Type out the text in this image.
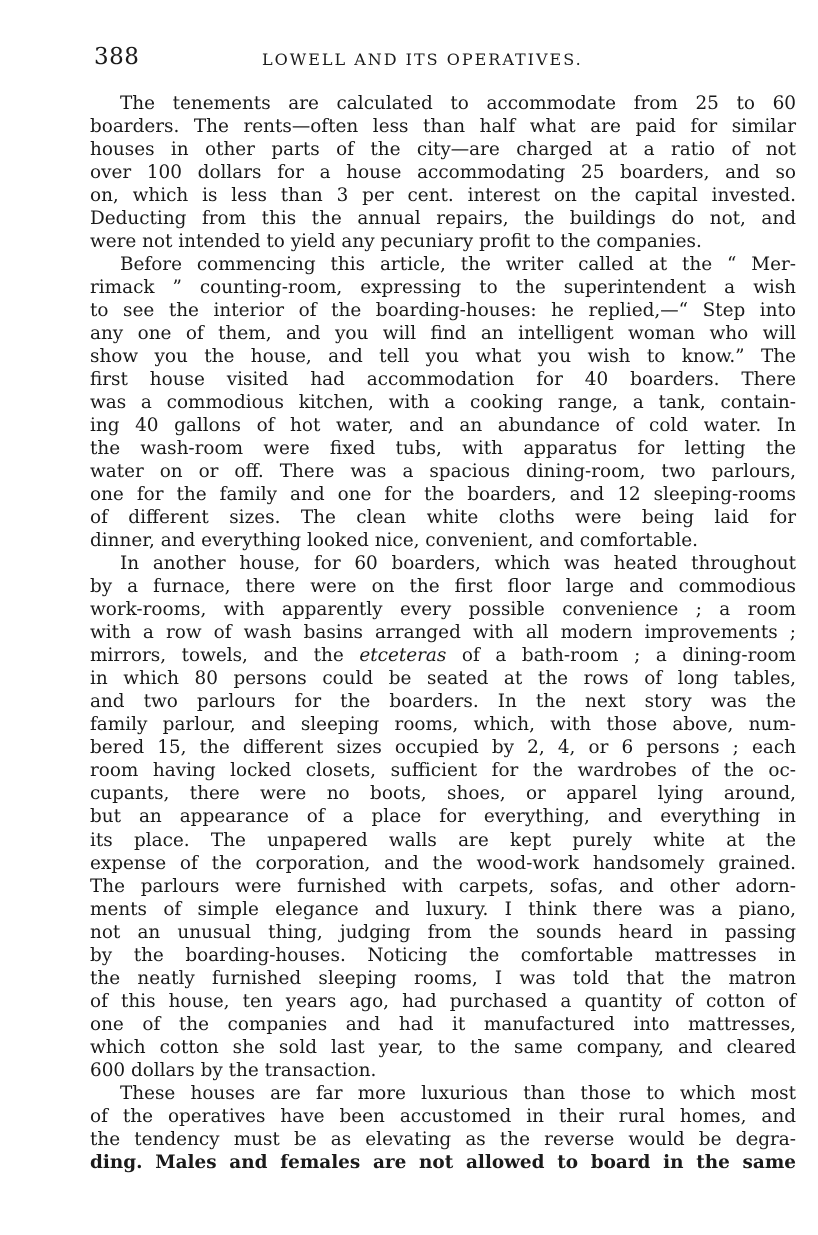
388	LOWELL AND ITS OPERATIVES.
The tenements are calculated to accommodate from 25 to 60
boarders. The rents—often less than half what are paid for similar
houses in other parts of the city—are charged at a ratio of not
over 100 dollars for a house accommodating 25 boarders, and so
on, which is less than 3 per cent. interest on the capital invested.
Deducting from this the annual repairs, the buildings do not, and
were not intended to yield any pecuniary profit to the companies.
Before commencing this article, the writer called at the “ Mer-
rimack ” counting-room, expressing to the superintendent a wish
to see the interior of the boarding-houses: he replied,—“ Step into
any one of them, and you will find an intelligent woman who will
show you the house, and tell you what you wish to know.” The
first house visited had accommodation for 40 boarders. There
was a commodious kitchen, with a cooking range, a tank, contain-
ing 40 gallons of hot water, and an abundance of cold water. In
the wash-room were fixed tubs, with apparatus for letting the
water on or off. There was a spacious dining-room, two parlours,
one for the family and one for the boarders, and 12 sleeping-rooms
of different sizes. The clean white cloths were being laid for
dinner, and everything looked nice, convenient, and comfortable.
In another house, for 60 boarders, which was heated throughout
by a furnace, there were on the first floor large and commodious
work-rooms, with apparently every possible convenience ; a room
with a row of wash basins arranged with all modern improvements ;
mirrors, towels, and the etceteras of a bath-room ; a dining-room
in which 80 persons could be seated at the rows of long tables,
and two parlours for the boarders. In the next story was the
family parlour, and sleeping rooms, which, with those above, num-
bered 15, the different sizes occupied by 2, 4, or 6 persons ; each
room having locked closets, sufficient for the wardrobes of the oc-
cupants, there were no boots, shoes, or apparel lying around,
but an appearance of a place for everything, and everything in
its place. The unpapered walls are kept purely white at the
expense of the corporation, and the wood-work handsomely grained.
The parlours were furnished with carpets, sofas, and other adorn-
ments of simple elegance and luxury. I think there was a piano,
not an unusual thing, judging from the sounds heard in passing
by the boarding-houses. Noticing the comfortable mattresses in
the neatly furnished sleeping rooms, I was told that the matron
of this house, ten years ago, had purchased a quantity of cotton of
one of the companies and had it manufactured into mattresses,
which cotton she sold last year, to the same company, and cleared
600 dollars by the transaction.
These houses are far more luxurious than those to which most
of the operatives have been accustomed in their rural homes, and
the tendency must be as elevating as the reverse would be degra-
ding. Males and females are not allowed to board in the same
